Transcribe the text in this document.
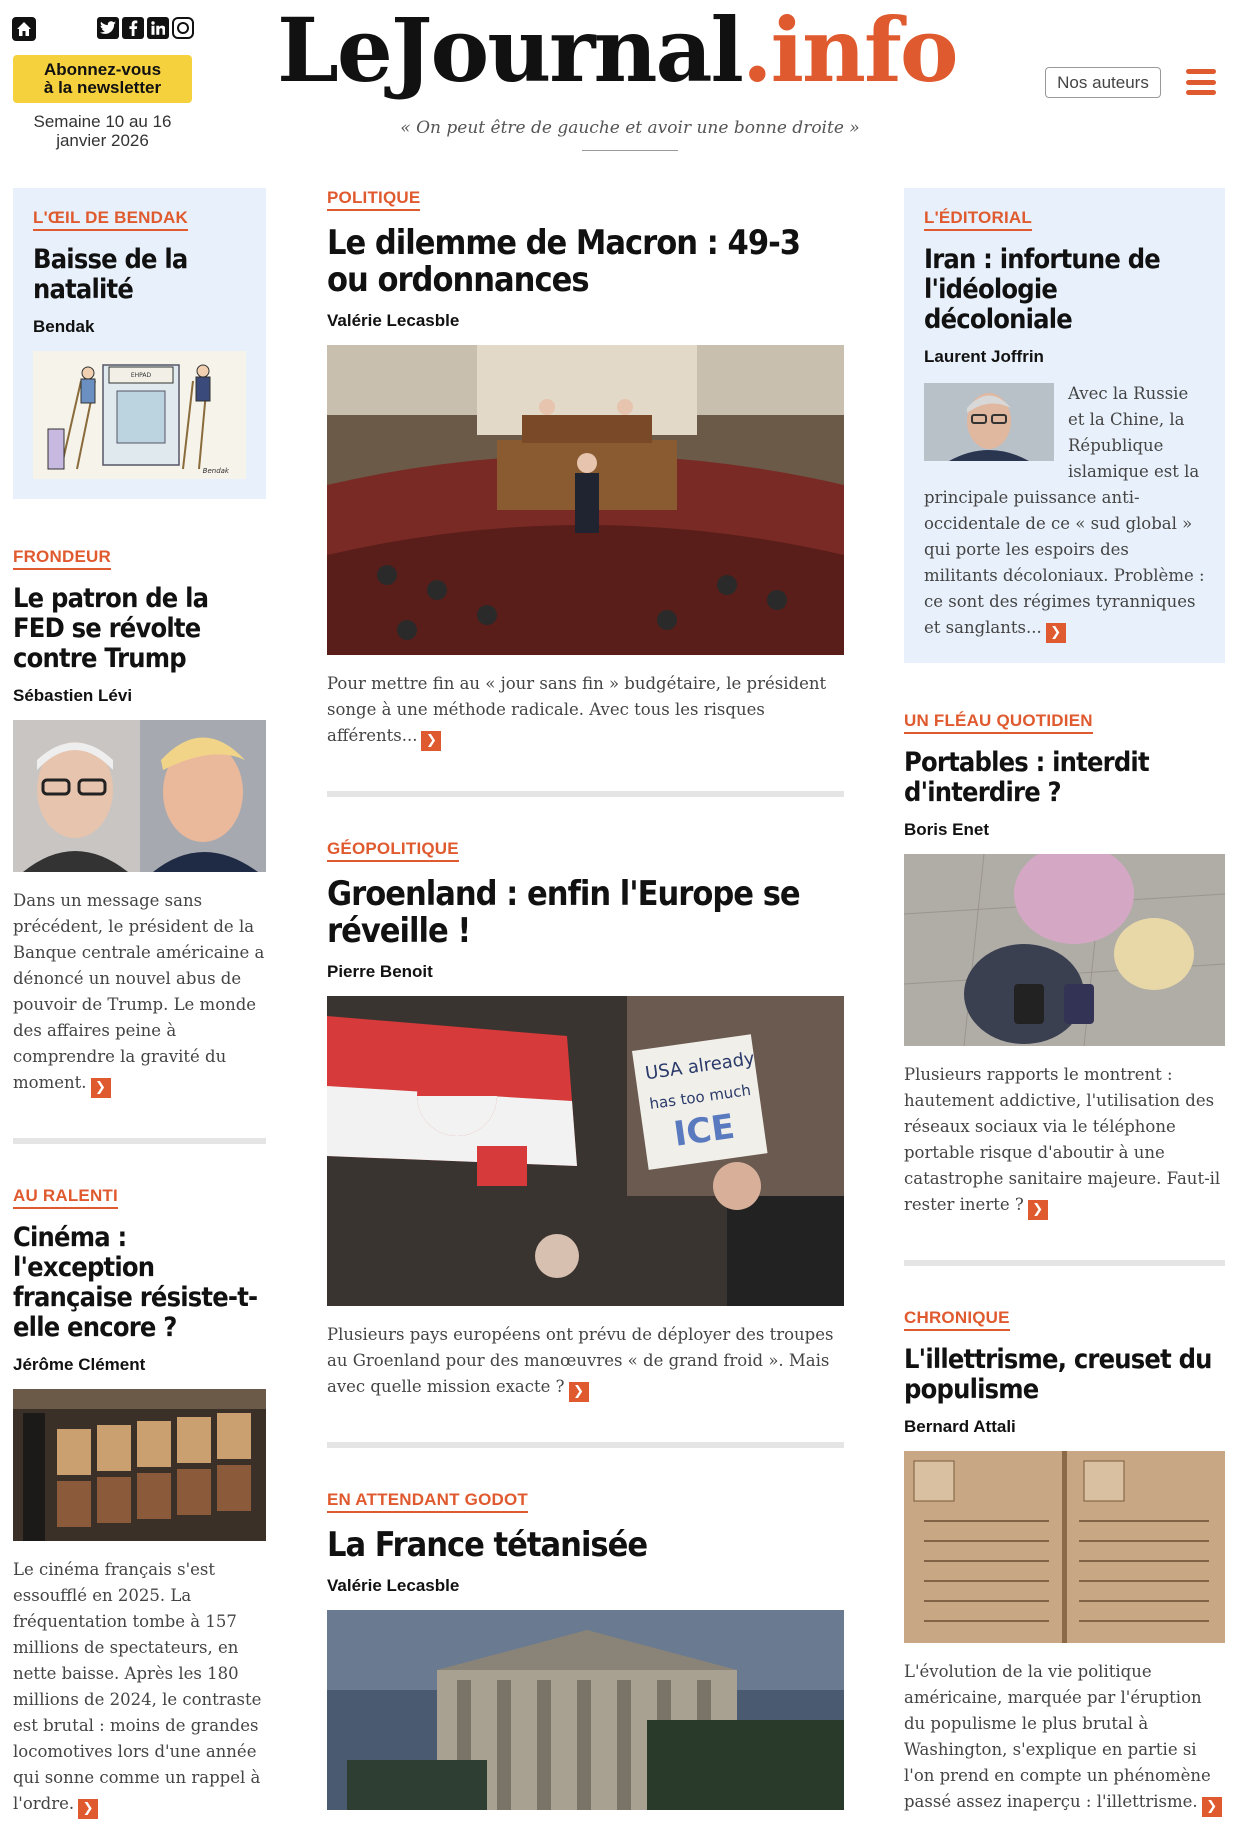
Abonnez-vous
à la newsletter
Semaine 10 au 16
janvier 2026
LeJournal.info
« On peut être de gauche et avoir une bonne droite »
Nos auteurs
L'ŒIL DE BENDAK
Baisse de la natalité
Bendak
EHPAD
Bendak
FRONDEUR
Le patron de la FED se révolte contre Trump
Sébastien Lévi
Dans un message sans précédent, le président de la Banque centrale américaine a dénoncé un nouvel abus de pouvoir de Trump. Le monde des affaires peine à comprendre la gravité du moment. ❯
AU RALENTI
Cinéma : l'exception française résiste-t-elle encore ?
Jérôme Clément
Le cinéma français s'est essoufflé en 2025. La fréquentation tombe à 157 millions de spectateurs, en nette baisse. Après les 180 millions de 2024, le contraste est brutal : moins de grandes locomotives lors d'une année qui sonne comme un rappel à l'ordre. ❯
POLITIQUE
Le dilemme de Macron : 49-3 ou ordonnances
Valérie Lecasble
Pour mettre fin au « jour sans fin » budgétaire, le président songe à une méthode radicale. Avec tous les risques afférents... ❯
GÉOPOLITIQUE
Groenland : enfin l'Europe se réveille !
Pierre Benoit
USA already
has too much
ICE
Plusieurs pays européens ont prévu de déployer des troupes au Groenland pour des manœuvres « de grand froid ». Mais avec quelle mission exacte ? ❯
EN ATTENDANT GODOT
La France tétanisée
Valérie Lecasble
L'ÉDITORIAL
Iran : infortune de l'idéologie décoloniale
Laurent Joffrin
Avec la Russie et la Chine, la République islamique est la principale puissance anti-occidentale de ce « sud global » qui porte les espoirs des militants décoloniaux. Problème : ce sont des régimes tyranniques et sanglants... ❯
UN FLÉAU QUOTIDIEN
Portables : interdit d'interdire ?
Boris Enet
Plusieurs rapports le montrent : hautement addictive, l'utilisation des réseaux sociaux via le téléphone portable risque d'aboutir à une catastrophe sanitaire majeure. Faut-il rester inerte ? ❯
CHRONIQUE
L'illettrisme, creuset du populisme
Bernard Attali
L'évolution de la vie politique américaine, marquée par l'éruption du populisme le plus brutal à Washington, s'explique en partie si l'on prend en compte un phénomène passé assez inaperçu : l'illettrisme. ❯
